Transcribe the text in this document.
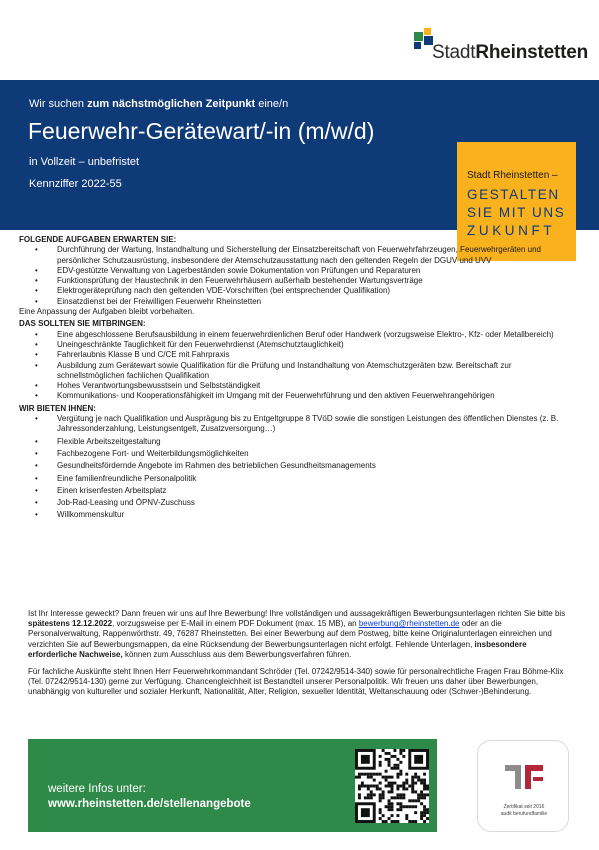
StadtRheinstetten
Wir suchen zum nächstmöglichen Zeitpunkt eine/n
Feuerwehr-Gerätewart/-in (m/w/d)
in Vollzeit – unbefristet
Kennziffer 2022-55
Stadt Rheinstetten –
GESTALTEN
SIE MIT UNS
ZUKUNFT
FOLGENDE AUFGABEN ERWARTEN SIE:
• Durchführung der Wartung, Instandhaltung und Sicherstellung der Einsatzbereitschaft von Feuerwehrfahrzeugen, Feuerwehrgeräten und persönlicher Schutzausrüstung, insbesondere der Atemschutzausstattung nach den geltenden Regeln der DGUV und UVV
• EDV-gestützte Verwaltung von Lagerbeständen sowie Dokumentation von Prüfungen und Reparaturen
• Funktionsprüfung der Haustechnik in den Feuerwehrhäusern außerhalb bestehender Wartungsverträge
• Elektrogeräteprüfung nach den geltenden VDE-Vorschriften (bei entsprechender Qualifikation)
• Einsatzdienst bei der Freiwilligen Feuerwehr Rheinstetten
Eine Anpassung der Aufgaben bleibt vorbehalten.
DAS SOLLTEN SIE MITBRINGEN:
• Eine abgeschlossene Berufsausbildung in einem feuerwehrdienlichen Beruf oder Handwerk (vorzugsweise Elektro-, Kfz- oder Metallbereich)
• Uneingeschränkte Tauglichkeit für den Feuerwehrdienst (Atemschutztauglichkeit)
• Fahrerlaubnis Klasse B und C/CE mit Fahrpraxis
• Ausbildung zum Gerätewart sowie Qualifikation für die Prüfung und Instandhaltung von Atemschutzgeräten bzw. Bereitschaft zur schnellstmöglichen fachlichen Qualifikation
• Hohes Verantwortungsbewusstsein und Selbstständigkeit
• Kommunikations- und Kooperationsfähigkeit im Umgang mit der Feuerwehrführung und den aktiven Feuerwehrangehörigen
WIR BIETEN IHNEN:
• Vergütung je nach Qualifikation und Ausprägung bis zu Entgeltgruppe 8 TVöD sowie die sonstigen Leistungen des öffentlichen Dienstes (z. B. Jahressonderzahlung, Leistungsentgelt, Zusatzversorgung…)
• Flexible Arbeitszeitgestaltung
• Fachbezogene Fort- und Weiterbildungsmöglichkeiten
• Gesundheitsfördernde Angebote im Rahmen des betrieblichen Gesundheitsmanagements
• Eine familienfreundliche Personalpolitik
• Einen krisenfesten Arbeitsplatz
• Job-Rad-Leasing und ÖPNV-Zuschuss
• Willkommenskultur

Ist Ihr Interesse geweckt? Dann freuen wir uns auf Ihre Bewerbung! Ihre vollständigen und aussagekräftigen Bewerbungsunterlagen richten Sie bitte bis spätestens 12.12.2022, vorzugsweise per E-Mail in einem PDF Dokument (max. 15 MB), an bewerbung@rheinstetten.de oder an die Personalverwaltung, Rappenwörthstr. 49, 76287 Rheinstetten. Bei einer Bewerbung auf dem Postweg, bitte keine Originalunterlagen einreichen und verzichten Sie auf Bewerbungsmappen, da eine Rücksendung der Bewerbungsunterlagen nicht erfolgt. Fehlende Unterlagen, insbesondere erforderliche Nachweise, können zum Ausschluss aus dem Bewerbungsverfahren führen.

Für fachliche Auskünfte steht Ihnen Herr Feuerwehrkommandant Schröder (Tel. 07242/9514-340) sowie für personalrechtliche Fragen Frau Böhme-Klix (Tel. 07242/9514-130) gerne zur Verfügung. Chancengleichheit ist Bestandteil unserer Personalpolitik. Wir freuen uns daher über Bewerbungen, unabhängig von kultureller und sozialer Herkunft, Nationalität, Alter, Religion, sexueller Identität, Weltanschauung oder (Schwer-)Behinderung.

weitere Infos unter:
www.rheinstetten.de/stellenangebote	Zertifikat seit 2016
audit berufundfamilie
